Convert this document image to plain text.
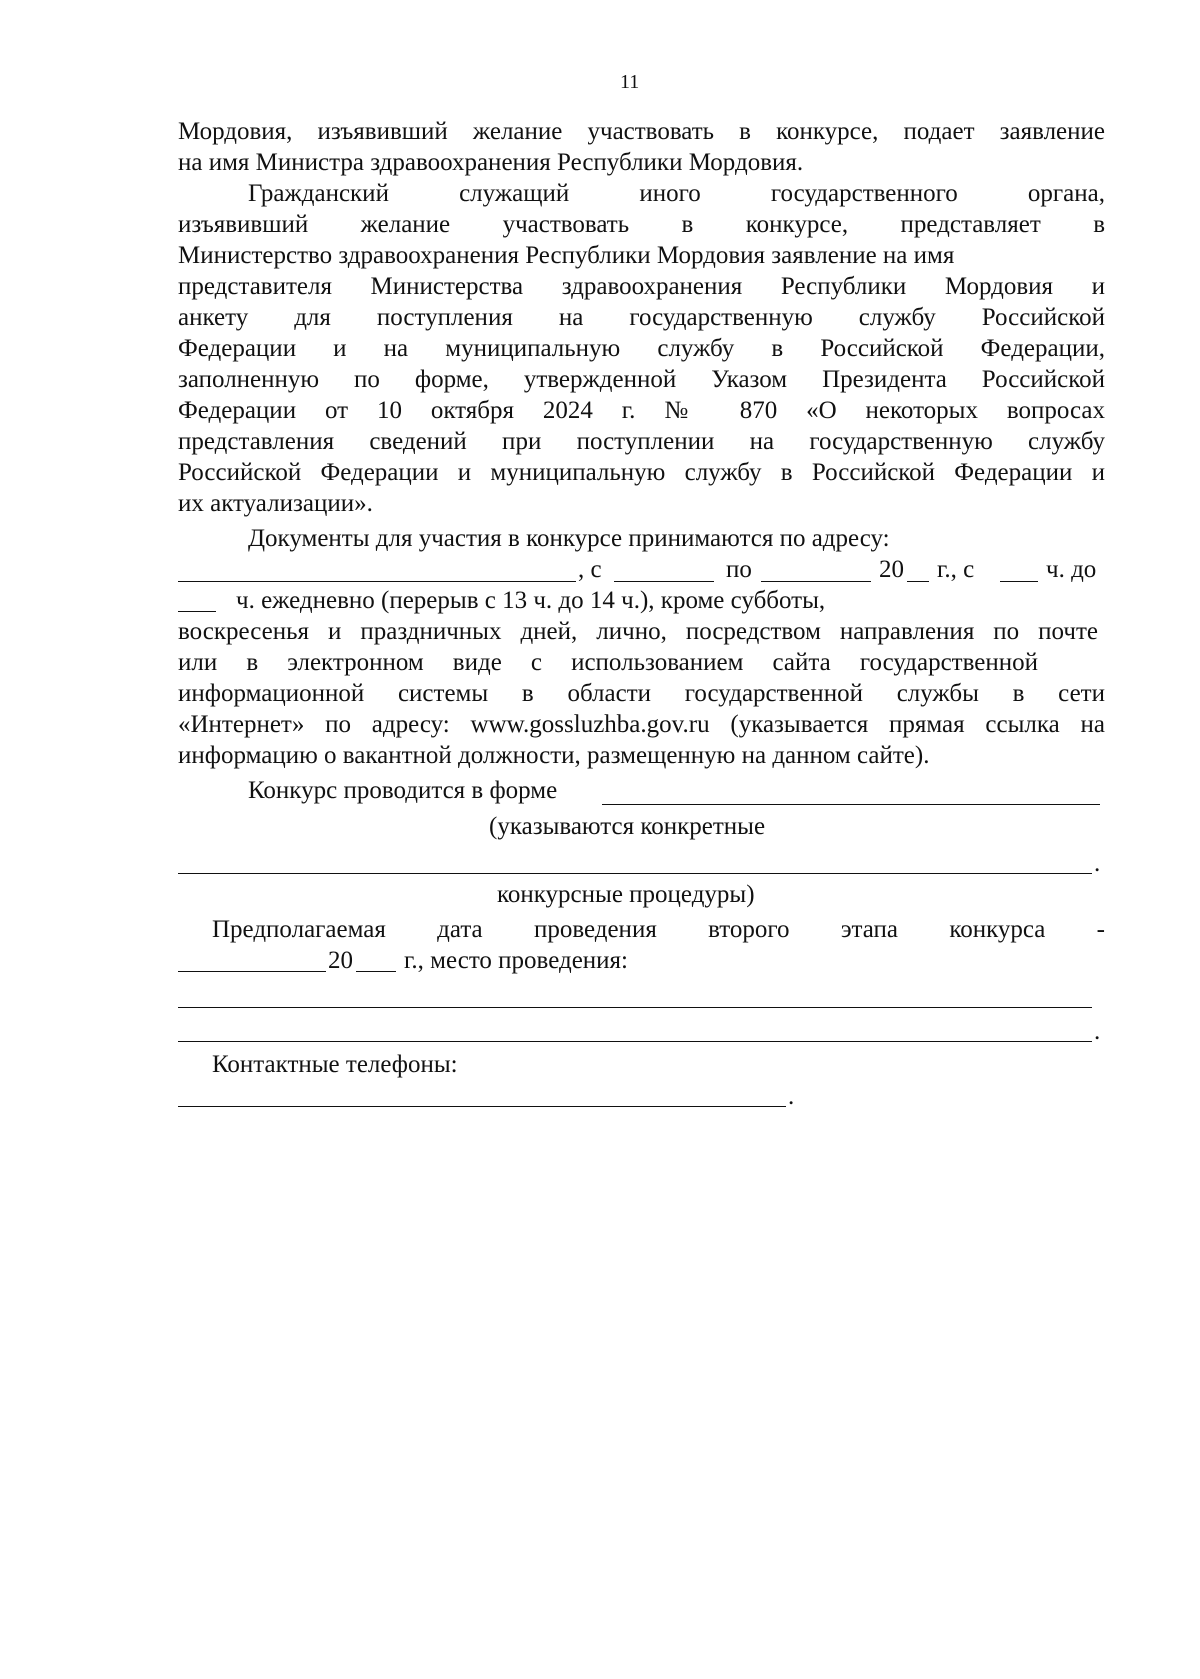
11
Мордовия, изъявивший желание участвовать в конкурсе, подает заявление
на имя Министра здравоохранения Республики Мордовия.
Гражданский служащий иного государственного органа,
изъявивший желание участвовать в конкурсе, представляет в
Министерство здравоохранения Республики Мордовия заявление на имя
представителя Министерства здравоохранения Республики Мордовия и
анкету для поступления на государственную службу Российской
Федерации и на муниципальную службу в Российской Федерации,
заполненную по форме, утвержденной Указом Президента Российской
Федерации от 10 октября 2024 г. № 870 «О некоторых вопросах
представления сведений при поступлении на государственную службу
Российской Федерации и муниципальную службу в Российской Федерации и
их актуализации».
Документы для участия в конкурсе принимаются по адресу:
, с	по	20 г., с	ч. до
ч. ежедневно (перерыв с 13 ч. до 14 ч.), кроме субботы,
воскресенья и праздничных дней, лично, посредством направления по почте
или в электронном виде с использованием сайта государственной
информационной системы в области государственной службы в сети
«Интернет» по адресу: www.gossluzhba.gov.ru (указывается прямая ссылка на
информацию о вакантной должности, размещенную на данном сайте).
Конкурс проводится в форме
(указываются конкретные
.
конкурсные процедуры)
Предполагаемая дата проведения второго этапа конкурса -
20 г., место проведения:
.
Контактные телефоны:
.
